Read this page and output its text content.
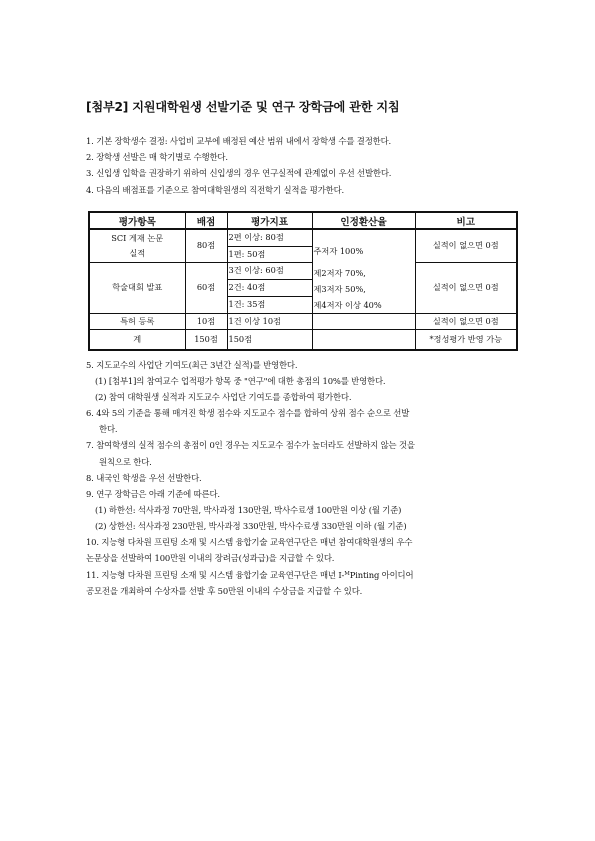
[첨부2] 지원대학원생 선발기준 및 연구 장학금에 관한 지침
1. 기본 장학생수 결정: 사업비 교부에 배정된 예산 범위 내에서 장학생 수를 결정한다.
2. 장학생 선발은 매 학기별로 수행한다.
3. 신입생 입학을 권장하기 위하여 신입생의 경우 연구실적에 관계없이 우선 선발한다.
4. 다음의 배점표를 기준으로 참여대학원생의 직전학기 실적을 평가한다.
평가항목	배점	평가지표	인정환산율	비고

SCI 게재 논문
실적	80점	2편 이상: 80점	주저자 100%	실적이 없으면 0점
		1편: 50점		
학술대회 발표	60점	3건 이상: 60점	제2저자 70%,
제3저자 50%,
제4저자 이상 40%	실적이 없으면 0점
		2건: 40점		
		1건: 35점		
특허 등록	10점	1건 이상 10점		실적이 없으면 0점
계	150점	150점		*정성평가 반영 가능
5. 지도교수의 사업단 기여도(최근 3년간 실적)를 반영한다.
(1) [첨부1]의 참여교수 업적평가 항목 중 "연구"에 대한 총점의 10%를 반영한다.
(2) 참여 대학원생 실적과 지도교수 사업단 기여도를 종합하여 평가한다.
6. 4와 5의 기준을 통해 매겨진 학생 점수와 지도교수 점수를 합하여 상위 점수 순으로 선발
한다.
7. 참여학생의 실적 점수의 총점이 0인 경우는 지도교수 점수가 높더라도 선발하지 않는 것을
원칙으로 한다.
8. 내국인 학생을 우선 선발한다.
9. 연구 장학금은 아래 기준에 따른다.
(1) 하한선: 석사과정 70만원, 박사과정 130만원, 박사수료생 100만원 이상 (월 기준)
(2) 상한선: 석사과정 230만원, 박사과정 330만원, 박사수료생 330만원 이하 (월 기준)
10. 지능형 다차원 프린팅 소재 및 시스템 융합기술 교육연구단은 매년 참여대학원생의 우수
논문상을 선발하여 100만원 이내의 장려금(성과급)을 지급할 수 있다.
11. 지능형 다차원 프린팅 소재 및 시스템 융합기술 교육연구단은 매년 I-$^M$Pinting 아이디어
공모전을 개최하여 수상자를 선발 후 50만원 이내의 수상금을 지급할 수 있다.
